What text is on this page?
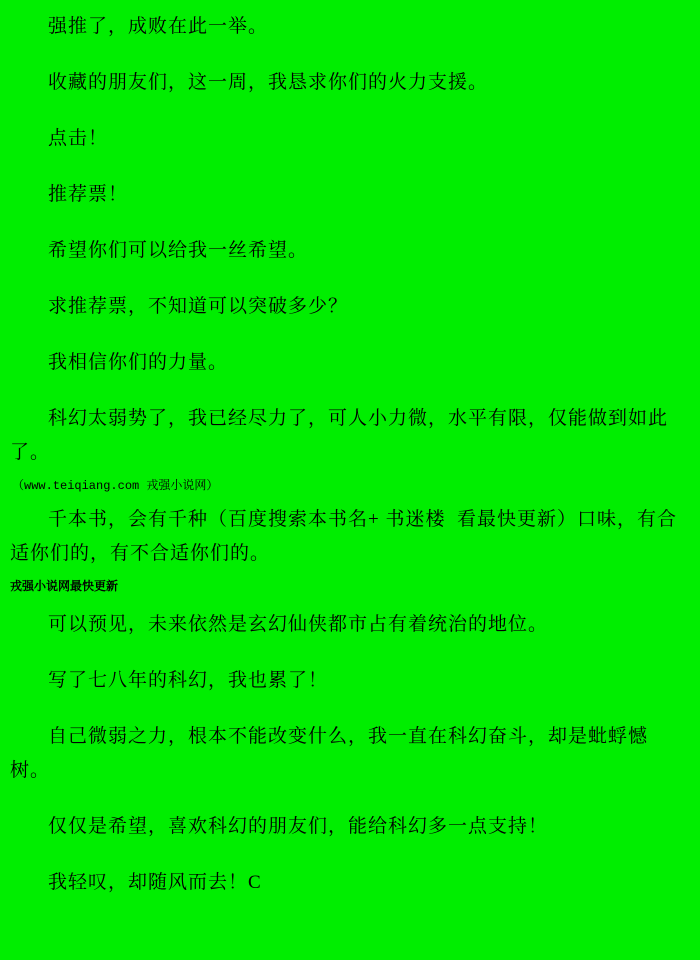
强推了，成败在此一举。

收藏的朋友们，这一周，我恳求你们的火力支援。

点击！

推荐票！

希望你们可以给我一丝希望。

求推荐票，不知道可以突破多少？

我相信你们的力量。

科幻太弱势了，我已经尽力了，可人小力微，水平有限，仅能做到如此了。

（www.teiqiang.com 戎强小说网）

千本书，会有千种（百度搜索本书名+ 书迷楼  看最快更新）口味，有合适你们的，有不合适你们的。

戎强小说网最快更新

可以预见，未来依然是玄幻仙侠都市占有着统治的地位。

写了七八年的科幻，我也累了！

自己微弱之力，根本不能改变什么，我一直在科幻奋斗，却是蚍蜉憾树。

仅仅是希望，喜欢科幻的朋友们，能给科幻多一点支持！

我轻叹，却随风而去！C
